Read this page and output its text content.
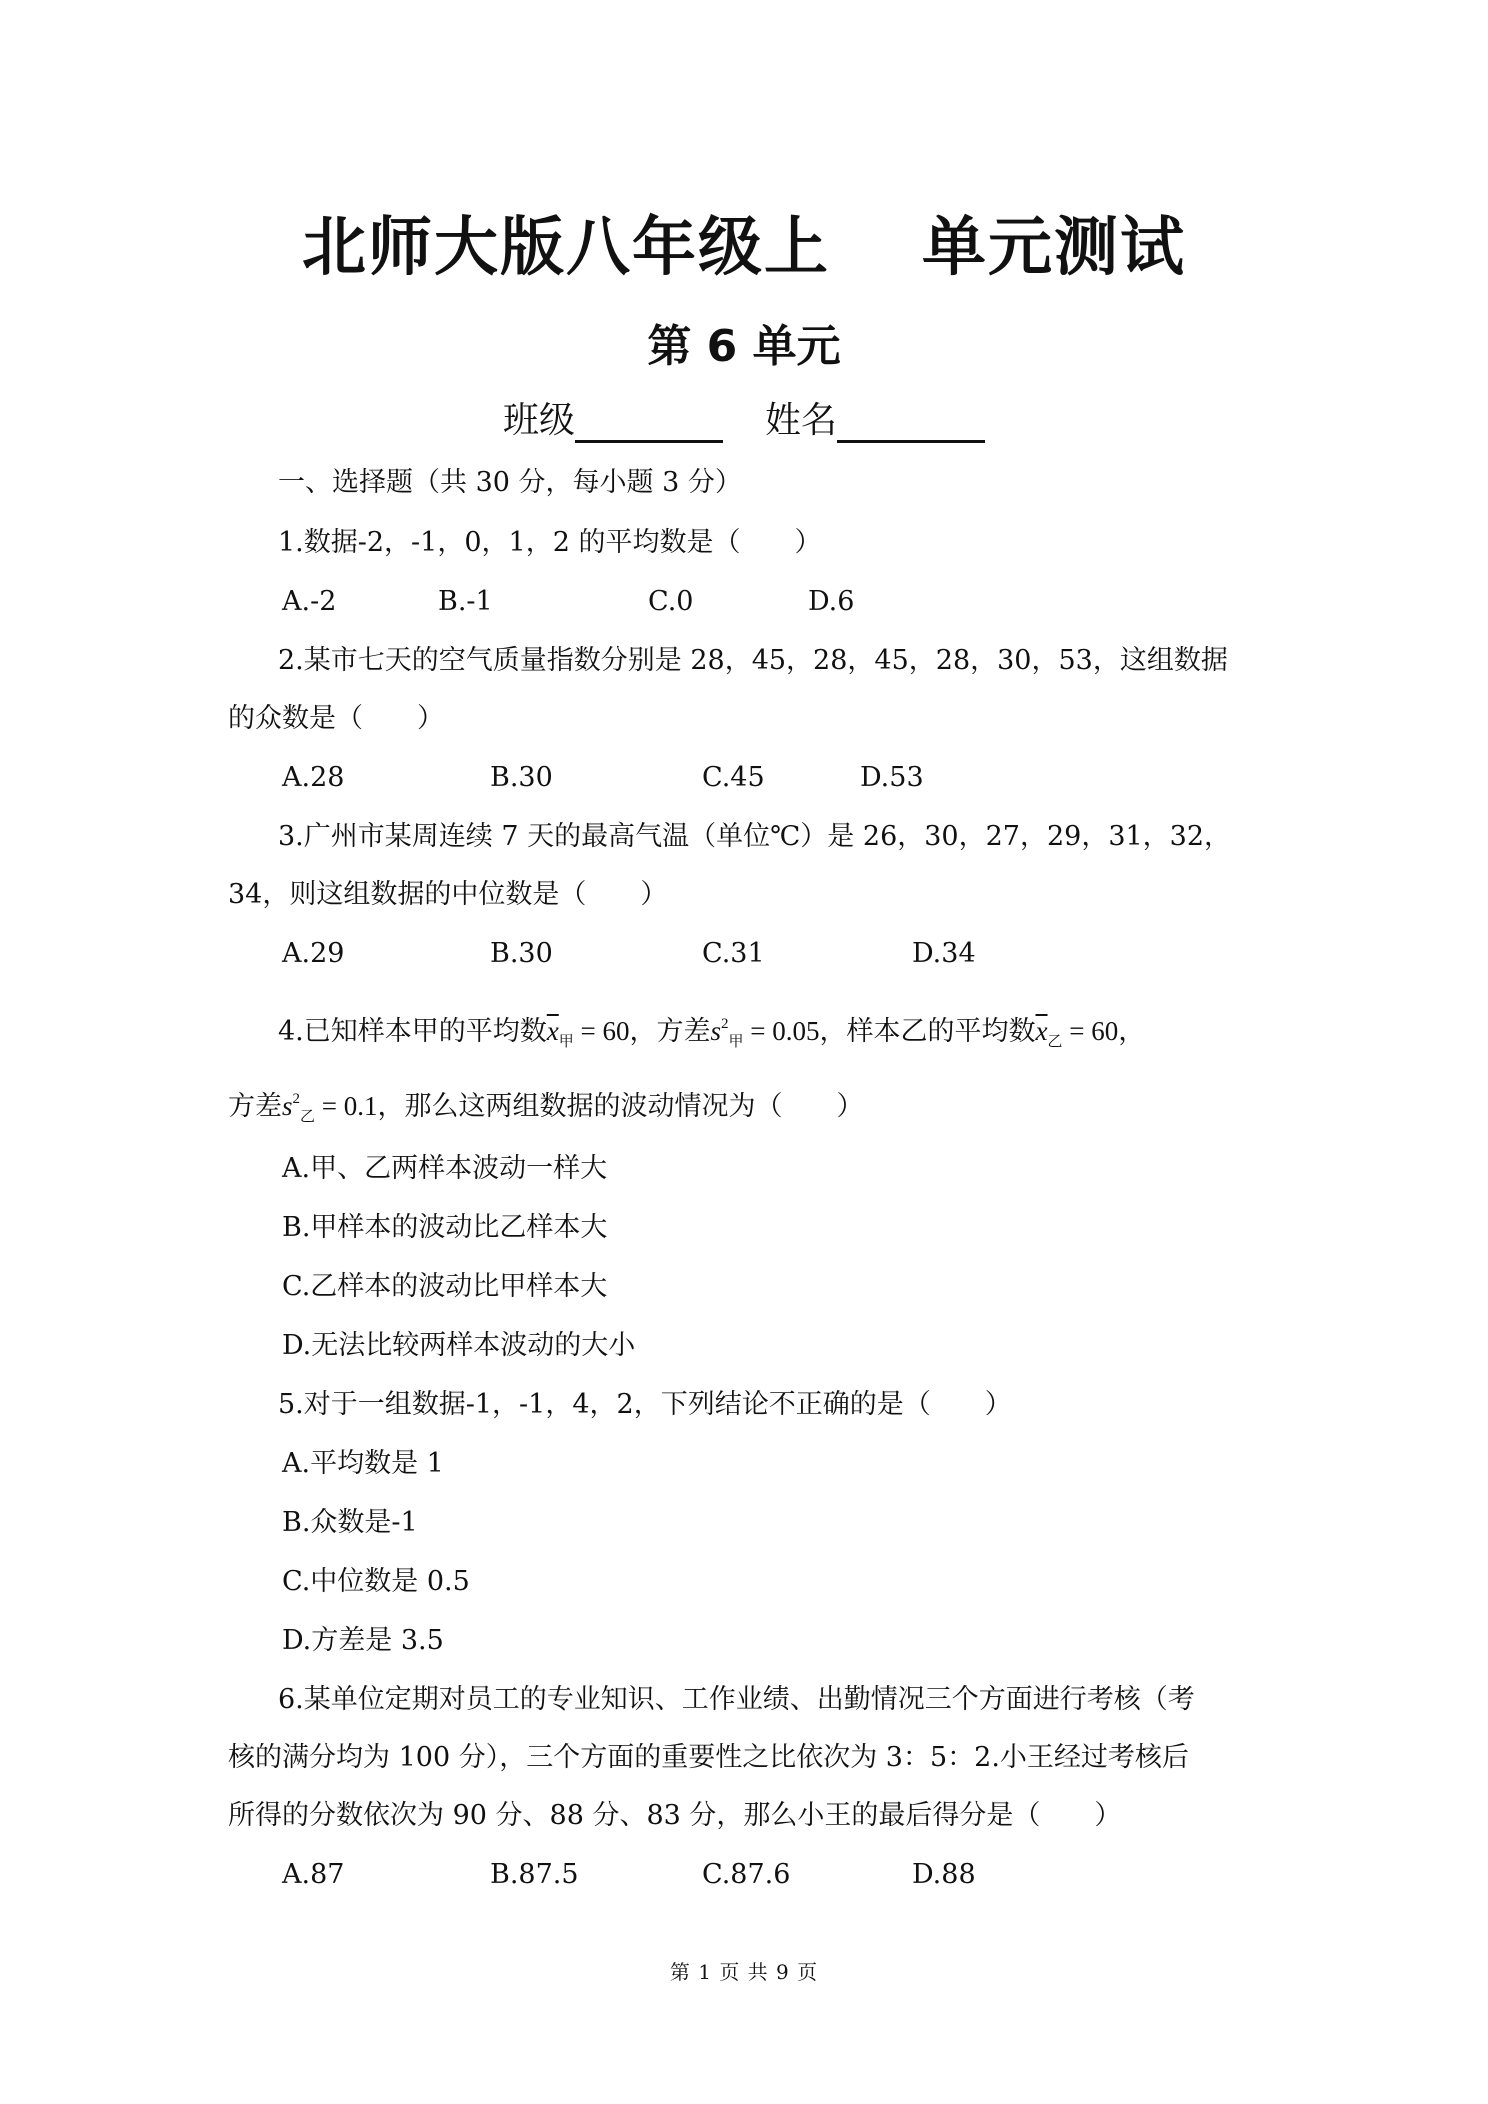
北师大版八年级上 单元测试
第 6 单元
班级	姓名
一、选择题（共 30 分，每小题 3 分）
1.数据-2，-1，0，1，2 的平均数是（　　）
A.-2	B.-1	C.0	D.6
2.某市七天的空气质量指数分别是 28，45，28，45，28，30，53，这组数据
的众数是（　　）
A.28	B.30	C.45	D.53
3.广州市某周连续 7 天的最高气温（单位℃）是 26，30，27，29，31，32，
34，则这组数据的中位数是（　　）
A.29	B.30	C.31	D.34
4.已知样本甲的平均数$\overline{x}_甲 = 60$，方差$s^2_甲 = 0.05$，样本乙的平均数$\overline{x}_乙 = 60$，
方差$s^2_乙 = 0.1$，那么这两组数据的波动情况为（　　）
A.甲、乙两样本波动一样大
B.甲样本的波动比乙样本大
C.乙样本的波动比甲样本大
D.无法比较两样本波动的大小
5.对于一组数据-1，-1，4，2，下列结论不正确的是（　　）
A.平均数是 1
B.众数是-1
C.中位数是 0.5
D.方差是 3.5
6.某单位定期对员工的专业知识、工作业绩、出勤情况三个方面进行考核（考
核的满分均为 100 分），三个方面的重要性之比依次为 3：5：2.小王经过考核后
所得的分数依次为 90 分、88 分、83 分，那么小王的最后得分是（　　）
A.87	B.87.5	C.87.6	D.88
第 1 页 共 9 页
